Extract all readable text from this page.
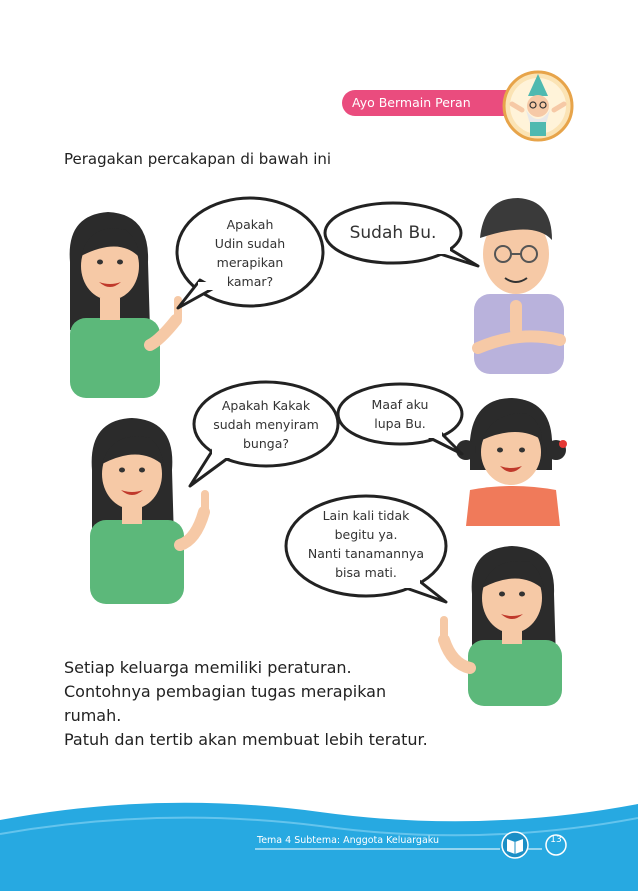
Ayo Bermain Peran
Peragakan percakapan di bawah ini
Apakah
Udin sudah
merapikan
kamar?
Sudah Bu.
Apakah Kakak
sudah menyiram
bunga?
Maaf aku
lupa Bu.
Lain kali tidak
begitu ya.
Nanti tanamannya
bisa mati.

Setiap keluarga memiliki peraturan.

Contohnya pembagian tugas merapikan

rumah.

Patuh dan tertib akan membuat lebih teratur.

Tema 4 Subtema: Anggota Keluargaku	13
